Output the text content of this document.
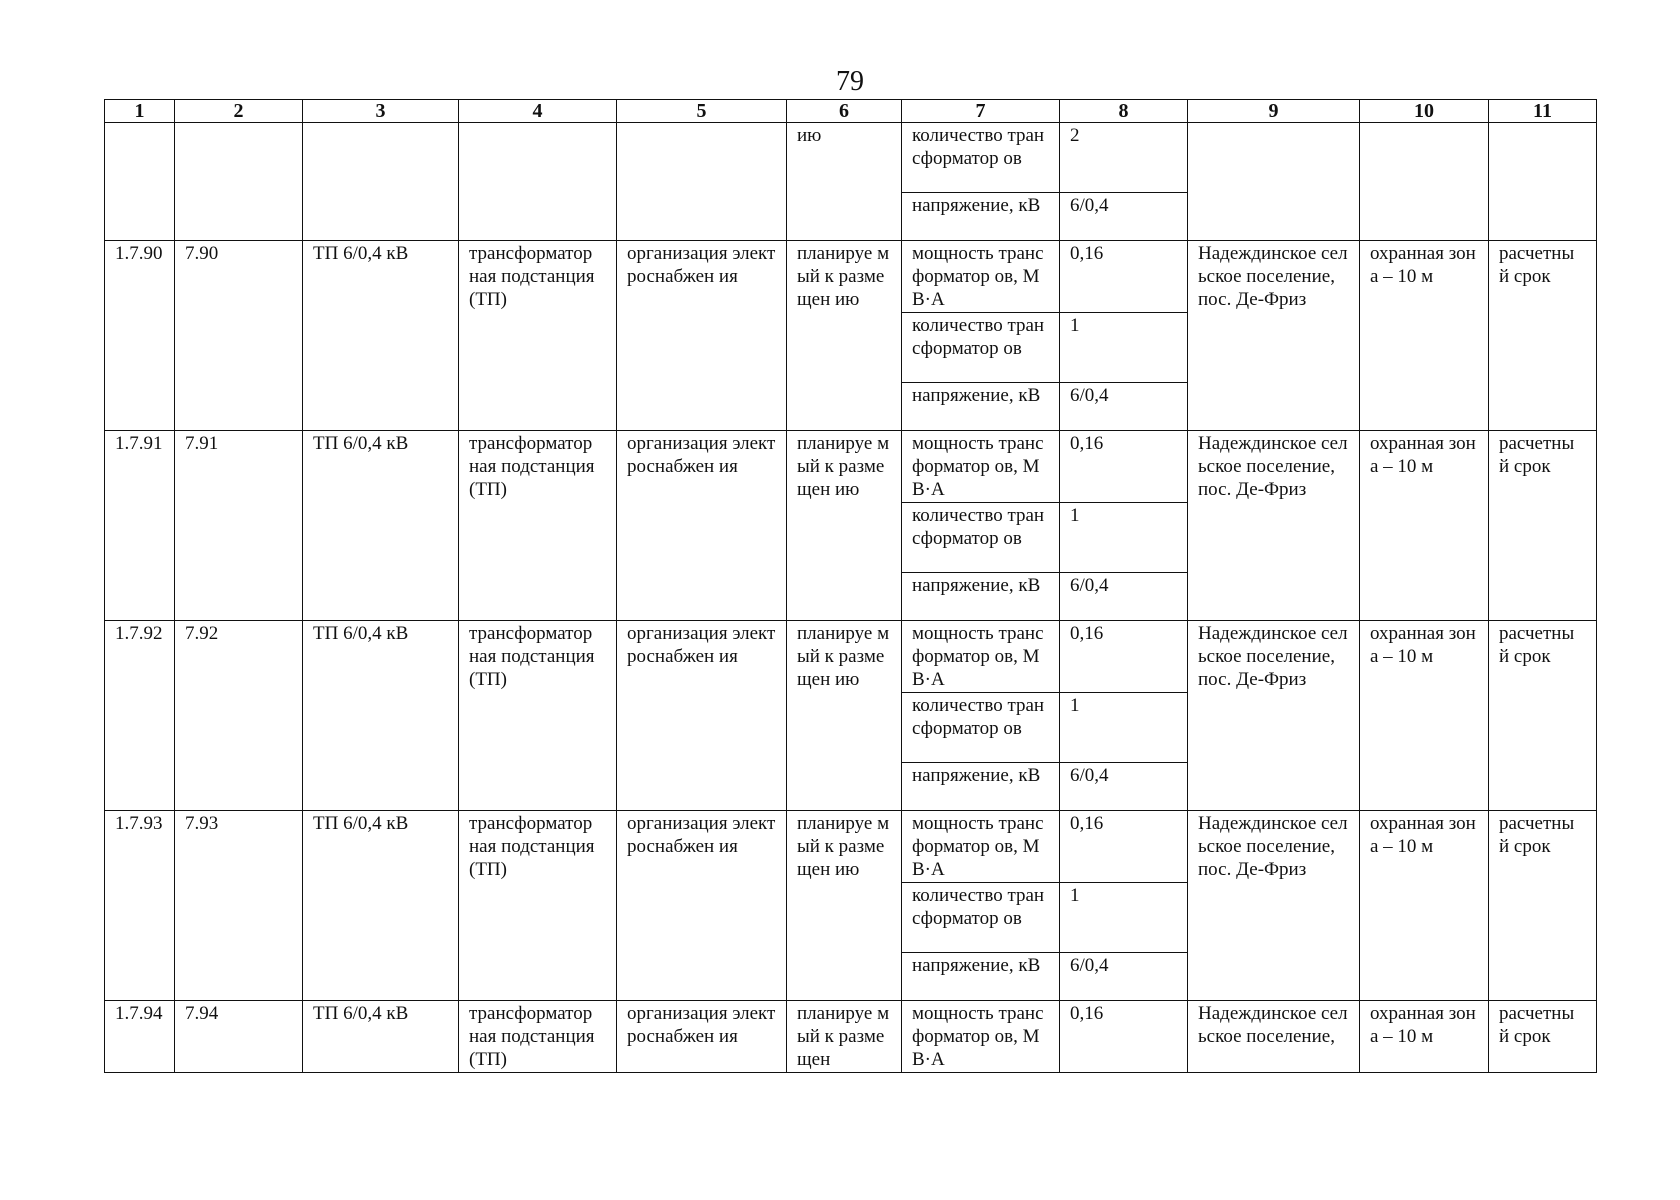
79
1	2	3	4	5	6	7	8	9	10	11
					ию	количество трансформатор ов	2			
						напряжение, кВ	6/0,4			
1.7.90	7.90	ТП 6/0,4 кВ	трансформатор ная подстанция (ТП)	организация электроснабжен ия	планируе мый к размещен ию	мощность трансформатор ов, МВ·А	0,16	Надеждинское сельское поселение, пос. Де-Фриз	охранная зона – 10 м	расчетны й срок
						количество трансформатор ов	1			
						напряжение, кВ	6/0,4			
1.7.91	7.91	ТП 6/0,4 кВ	трансформатор ная подстанция (ТП)	организация электроснабжен ия	планируе мый к размещен ию	мощность трансформатор ов, МВ·А	0,16	Надеждинское сельское поселение, пос. Де-Фриз	охранная зона – 10 м	расчетны й срок
						количество трансформатор ов	1			
						напряжение, кВ	6/0,4			
1.7.92	7.92	ТП 6/0,4 кВ	трансформатор ная подстанция (ТП)	организация электроснабжен ия	планируе мый к размещен ию	мощность трансформатор ов, МВ·А	0,16	Надеждинское сельское поселение, пос. Де-Фриз	охранная зона – 10 м	расчетны й срок
						количество трансформатор ов	1			
						напряжение, кВ	6/0,4			
1.7.93	7.93	ТП 6/0,4 кВ	трансформатор ная подстанция (ТП)	организация электроснабжен ия	планируе мый к размещен ию	мощность трансформатор ов, МВ·А	0,16	Надеждинское сельское поселение, пос. Де-Фриз	охранная зона – 10 м	расчетны й срок
						количество трансформатор ов	1			
						напряжение, кВ	6/0,4			
1.7.94	7.94	ТП 6/0,4 кВ	трансформатор ная подстанция (ТП)	организация электроснабжен ия	планируе мый к размещен	мощность трансформатор ов, МВ·А	0,16	Надеждинское сельское поселение,	охранная зона – 10 м	расчетны й срок
